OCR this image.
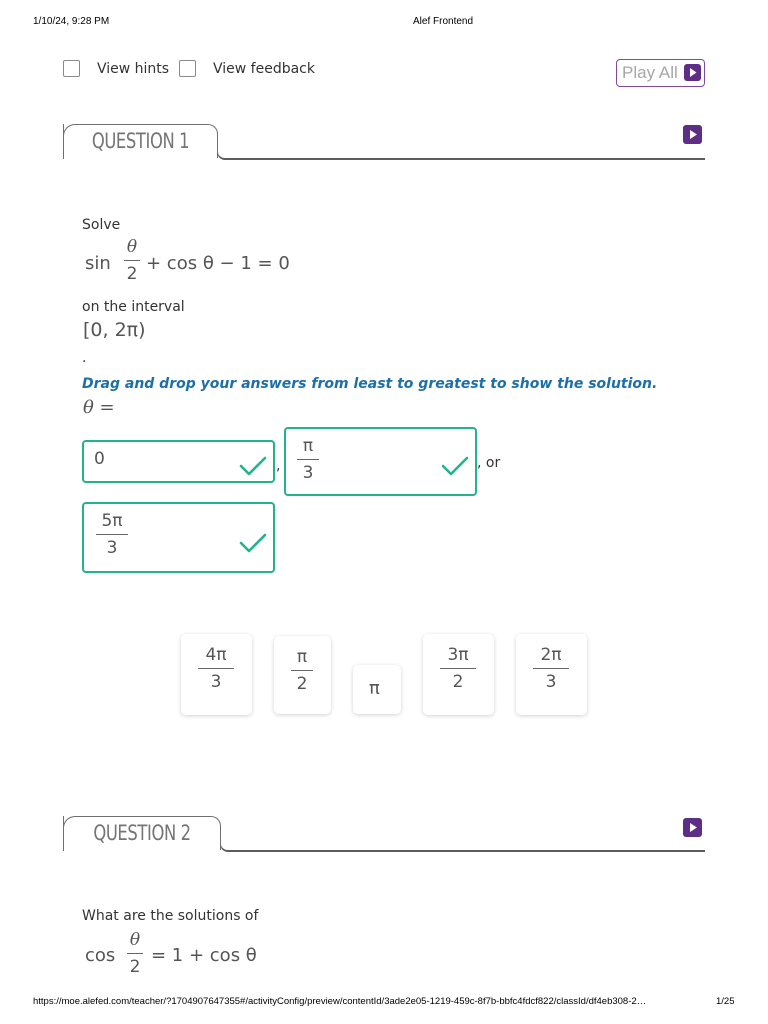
1/10/24, 9:28 PM	Alef Frontend
View hints	View feedback	Play All
QUESTION 1
Solve
sin
θ
2 + cos θ − 1 = 0
on the interval
[0, 2π)
.
Drag and drop your answers from least to greatest to show the solution.
θ =
0	,
π
3	, or
5π
3
4π
3
π
2	π
3π
2
2π
3
QUESTION 2
What are the solutions of
cos
θ
2
= 1 + cos θ
https://moe.alefed.com/teacher/?1704907647355#/activityConfig/preview/contentId/3ade2e05-1219-459c-8f7b-bbfc4fdcf822/classId/df4eb308-2…	1/25
